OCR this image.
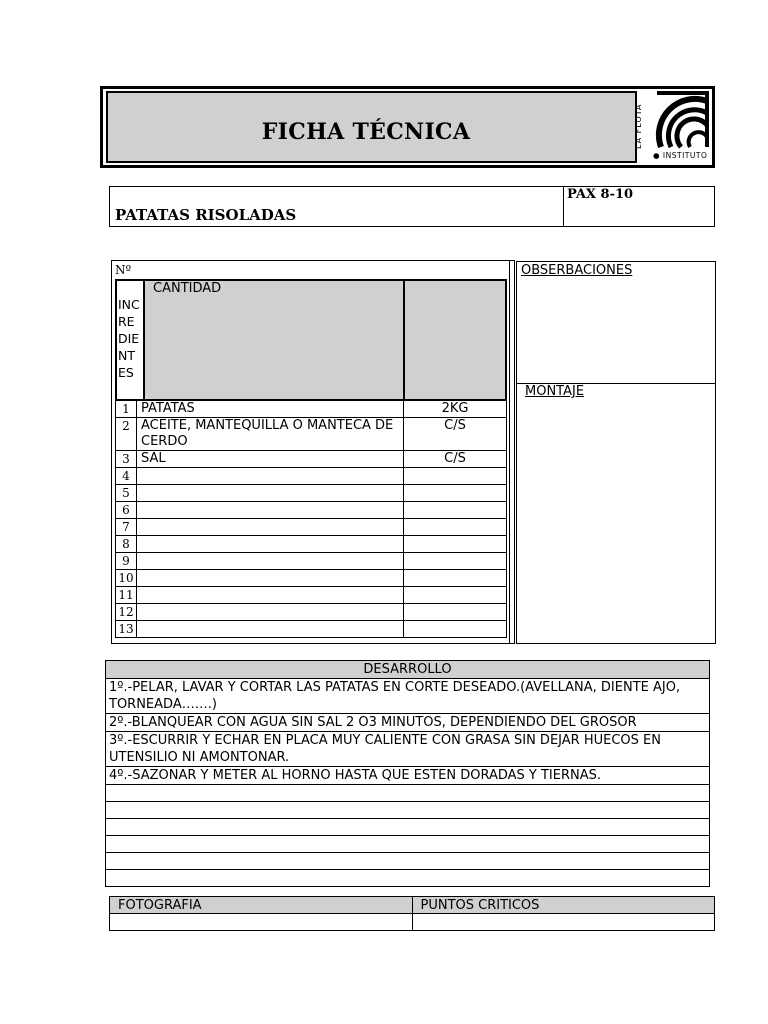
FICHA TÉCNICA	LA FLOTA
● INSTITUTO
PATATAS RISOLADAS
PAX 8-10
Nº
CANTIDAD
INCREDIENTES
1	PATATAS	2KG
2	ACEITE, MANTEQUILLA O MANTECA DE CERDO	C/S
3	SAL	C/S
4		
5		
6		
7		
8		
9		
10		
11		
12		
13		
OBSERBACIONES
MONTAJE
DESARROLLO
1º.-PELAR, LAVAR Y CORTAR LAS PATATAS EN CORTE DESEADO.(AVELLANA, DIENTE AJO, TORNEADA…….)
2º.-BLANQUEAR CON AGUA SIN SAL 2 O3 MINUTOS, DEPENDIENDO DEL GROSOR
3º.-ESCURRIR Y ECHAR EN PLACA MUY CALIENTE CON GRASA SIN DEJAR HUECOS EN UTENSILIO NI AMONTONAR.
4º.-SAZONAR Y METER AL HORNO HASTA QUE ESTEN DORADAS Y TIERNAS.

FOTOGRAFIA	PUNTOS CRITICOS
